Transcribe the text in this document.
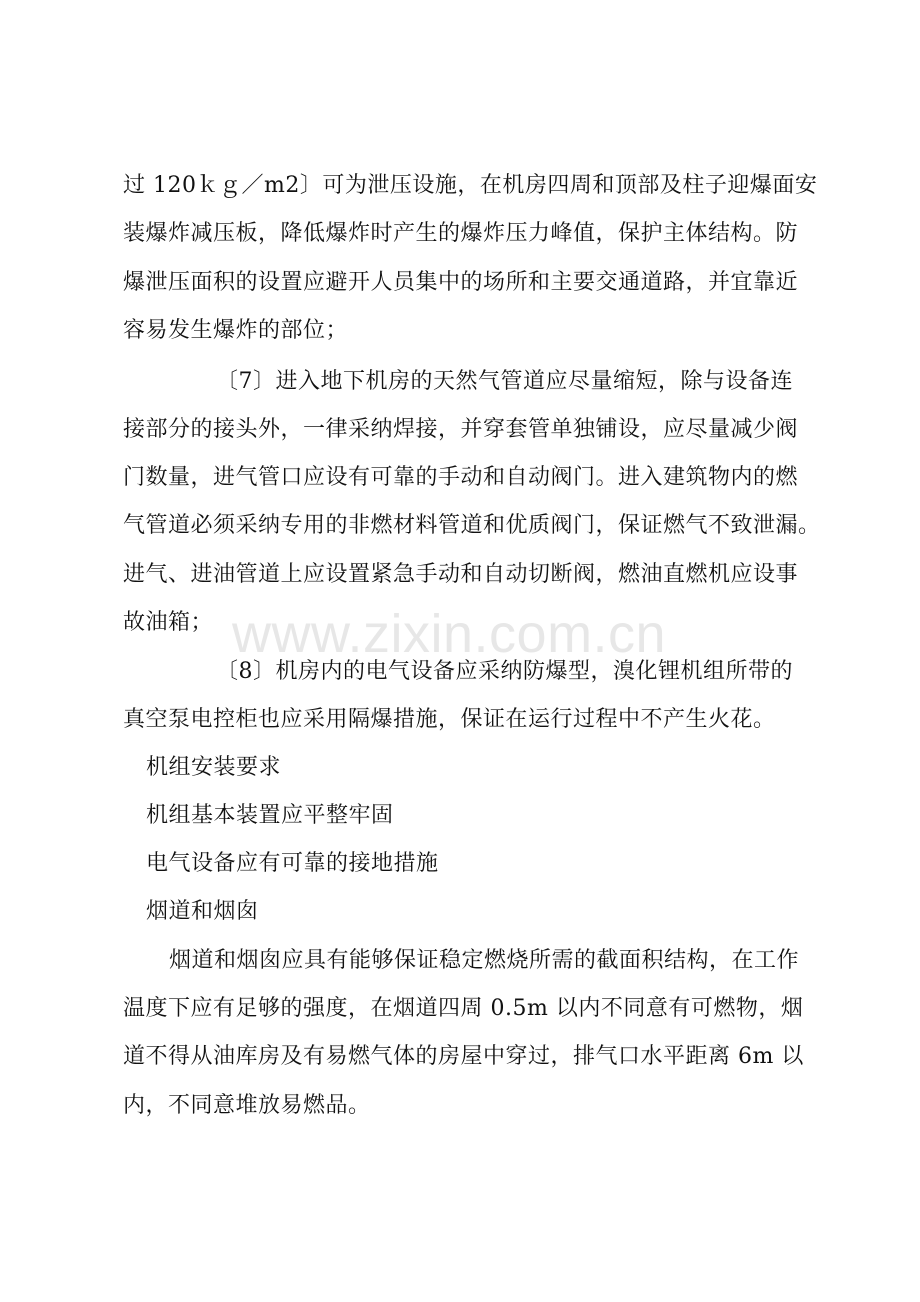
过 120ｋｇ／m2〕可为泄压设施，在机房四周和顶部及柱子迎爆面安
装爆炸减压板，降低爆炸时产生的爆炸压力峰值，保护主体结构。防
爆泄压面积的设置应避开人员集中的场所和主要交通道路，并宜靠近
容易发生爆炸的部位；
〔7〕进入地下机房的天然气管道应尽量缩短，除与设备连
接部分的接头外，一律采纳焊接，并穿套管单独铺设，应尽量减少阀
门数量，进气管口应设有可靠的手动和自动阀门。进入建筑物内的燃
气管道必须采纳专用的非燃材料管道和优质阀门，保证燃气不致泄漏。
进气、进油管道上应设置紧急手动和自动切断阀，燃油直燃机应设事
故油箱；
〔8〕机房内的电气设备应采纳防爆型，溴化锂机组所带的
真空泵电控柜也应采用隔爆措施，保证在运行过程中不产生火花。
机组安装要求
机组基本装置应平整牢固
电气设备应有可靠的接地措施
烟道和烟囱
烟道和烟囱应具有能够保证稳定燃烧所需的截面积结构，在工作
温度下应有足够的强度，在烟道四周 0.5m 以内不同意有可燃物，烟
道不得从油库房及有易燃气体的房屋中穿过，排气口水平距离 6m 以
内，不同意堆放易燃品。
www.zixin.com.cn
